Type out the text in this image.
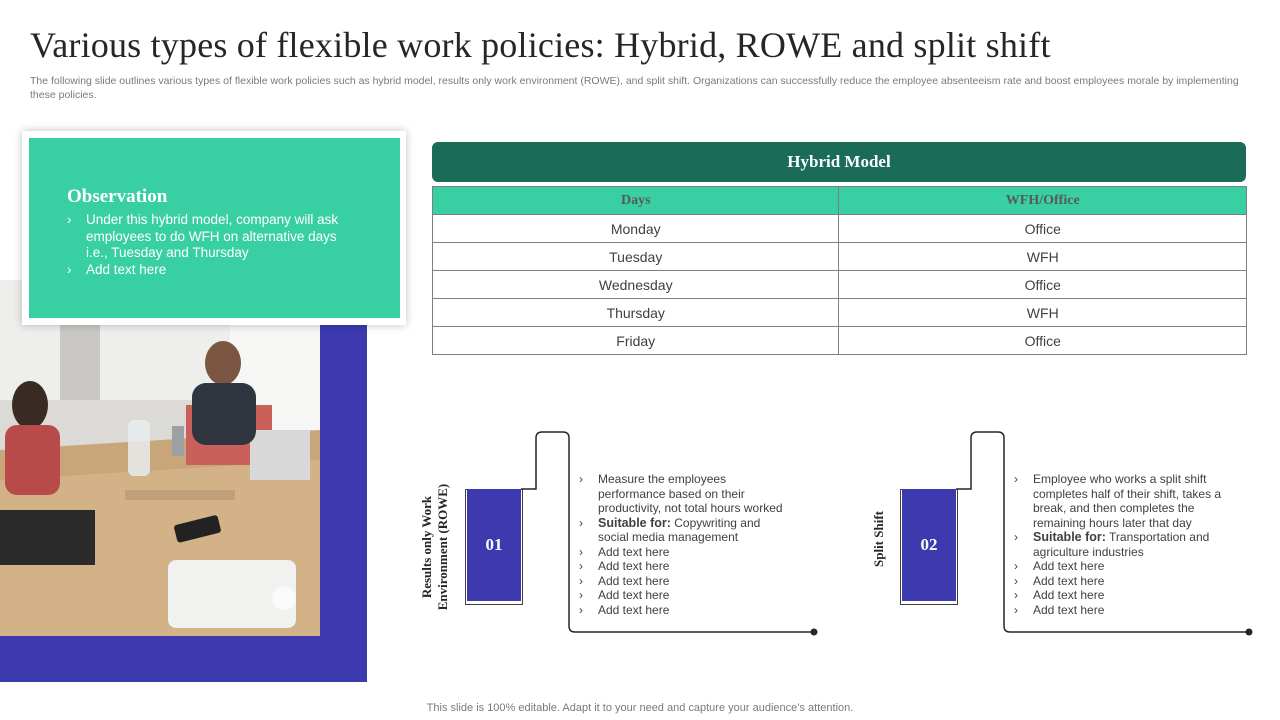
Various types of flexible work policies: Hybrid, ROWE and split shift
The following slide outlines various types of flexible work policies such as hybrid model, results only work environment (ROWE), and split shift. Organizations can successfully reduce the employee absenteeism rate and boost employees morale by implementing these policies.
Observation
› Under this hybrid model, company will ask employees to do WFH on alternative days i.e., Tuesday and Thursday
› Add text here
Hybrid Model
Days	WFH/Office
Monday	Office
Tuesday	WFH
Wednesday	Office
Thursday	WFH
Friday	Office
Results only Work Environment (ROWE)	01
› Measure the employees performance based on their productivity, not total hours worked
› Suitable for: Copywriting and social media management
› Add text here
› Add text here
› Add text here
› Add text here
› Add text here
Split Shift	02
› Employee who works a split shift completes half of their shift, takes a break, and then completes the remaining hours later that day
› Suitable for: Transportation and agriculture industries
› Add text here
› Add text here
› Add text here
› Add text here
This slide is 100% editable. Adapt it to your need and capture your audience’s attention.
